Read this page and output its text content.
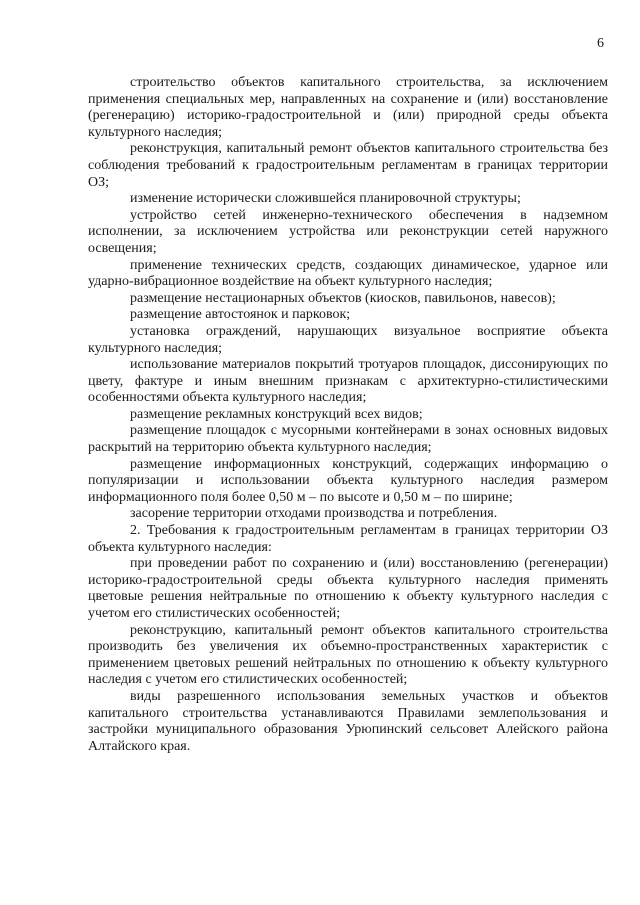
6

строительство объектов капитального строительства, за исключением применения специальных мер, направленных на сохранение и (или) восстановление (регенерацию) историко-градостроительной и (или) природной среды объекта культурного наследия;

реконструкция, капитальный ремонт объектов капитального строительства без соблюдения требований к градостроительным регламентам в границах территории ОЗ;

изменение исторически сложившейся планировочной структуры;

устройство сетей инженерно-технического обеспечения в надземном исполнении, за исключением устройства или реконструкции сетей наружного освещения;

применение технических средств, создающих динамическое, ударное или ударно-вибрационное воздействие на объект культурного наследия;

размещение нестационарных объектов (киосков, павильонов, навесов);

размещение автостоянок и парковок;

установка ограждений, нарушающих визуальное восприятие объекта культурного наследия;

использование материалов покрытий тротуаров площадок, диссонирующих по цвету, фактуре и иным внешним признакам с архитектурно-стилистическими особенностями объекта культурного наследия;

размещение рекламных конструкций всех видов;

размещение площадок с мусорными контейнерами в зонах основных видовых раскрытий на территорию объекта культурного наследия;

размещение информационных конструкций, содержащих информацию о популяризации и использовании объекта культурного наследия размером информационного поля более 0,50 м – по высоте и 0,50 м – по ширине;

засорение территории отходами производства и потребления.

2. Требования к градостроительным регламентам в границах территории ОЗ объекта культурного наследия:

при проведении работ по сохранению и (или) восстановлению (регенерации) историко-градостроительной среды объекта культурного наследия применять цветовые решения нейтральные по отношению к объекту культурного наследия с учетом его стилистических особенностей;

реконструкцию, капитальный ремонт объектов капитального строительства производить без увеличения их объемно-пространственных характеристик с применением цветовых решений нейтральных по отношению к объекту культурного наследия с учетом его стилистических особенностей;

виды разрешенного использования земельных участков и объектов капитального строительства устанавливаются Правилами землепользования и застройки муниципального образования Урюпинский сельсовет Алейского района Алтайского края.
